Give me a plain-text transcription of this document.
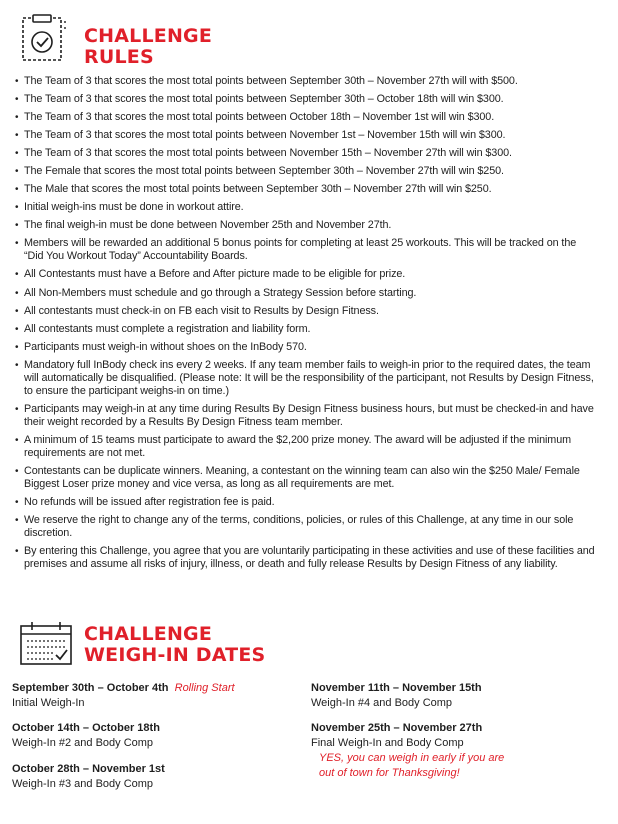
CHALLENGE
RULES
• The Team of 3 that scores the most total points between September 30th – November 27th will with $500.
• The Team of 3 that scores the most total points between September 30th – October 18th will win $300.
• The Team of 3 that scores the most total points between October 18th – November 1st will win $300.
• The Team of 3 that scores the most total points between November 1st – November 15th will win $300.
• The Team of 3 that scores the most total points between November 15th – November 27th will win $300.
• The Female that scores the most total points between September 30th – November 27th will win $250.
• The Male that scores the most total points between September 30th – November 27th will win $250.
• Initial weigh-ins must be done in workout attire.
• The final weigh-in must be done between November 25th and November 27th.
• Members will be rewarded an additional 5 bonus points for completing at least 25 workouts. This will be tracked on the “Did You Workout Today” Accountability Boards.
• All Contestants must have a Before and After picture made to be eligible for prize.
• All Non-Members must schedule and go through a Strategy Session before starting.
• All contestants must check-in on FB each visit to Results by Design Fitness.
• All contestants must complete a registration and liability form.
• Participants must weigh-in without shoes on the InBody 570.
• Mandatory full InBody check ins every 2 weeks. If any team member fails to weigh-in prior to the required dates, the team will automatically be disqualified. (Please note: It will be the responsibility of the participant, not Results by Design Fitness, to ensure the participant weighs-in on time.)
• Participants may weigh-in at any time during Results By Design Fitness business hours, but must be checked-in and have their weight recorded by a Results By Design Fitness team member.
• A minimum of 15 teams must participate to award the $2,200 prize money. The award will be adjusted if the minimum requirements are not met.
• Contestants can be duplicate winners. Meaning, a contestant on the winning team can also win the $250 Male/ Female Biggest Loser prize money and vice versa, as long as all requirements are met.
• No refunds will be issued after registration fee is paid.
• We reserve the right to change any of the terms, conditions, policies, or rules of this Challenge, at any time in our sole discretion.
• By entering this Challenge, you agree that you are voluntarily participating in these activities and use of these facilities and premises and assume all risks of injury, illness, or death and fully release Results by Design Fitness of any liability.
CHALLENGE
WEIGH-IN DATES
September 30th – October 4th Rolling Start
Initial Weigh-In
October 14th – October 18th
Weigh-In #2 and Body Comp
October 28th – November 1st
Weigh-In #3 and Body Comp
November 11th – November 15th
Weigh-In #4 and Body Comp
November 25th – November 27th
Final Weigh-In and Body Comp
YES, you can weigh in early if you are
out of town for Thanksgiving!
